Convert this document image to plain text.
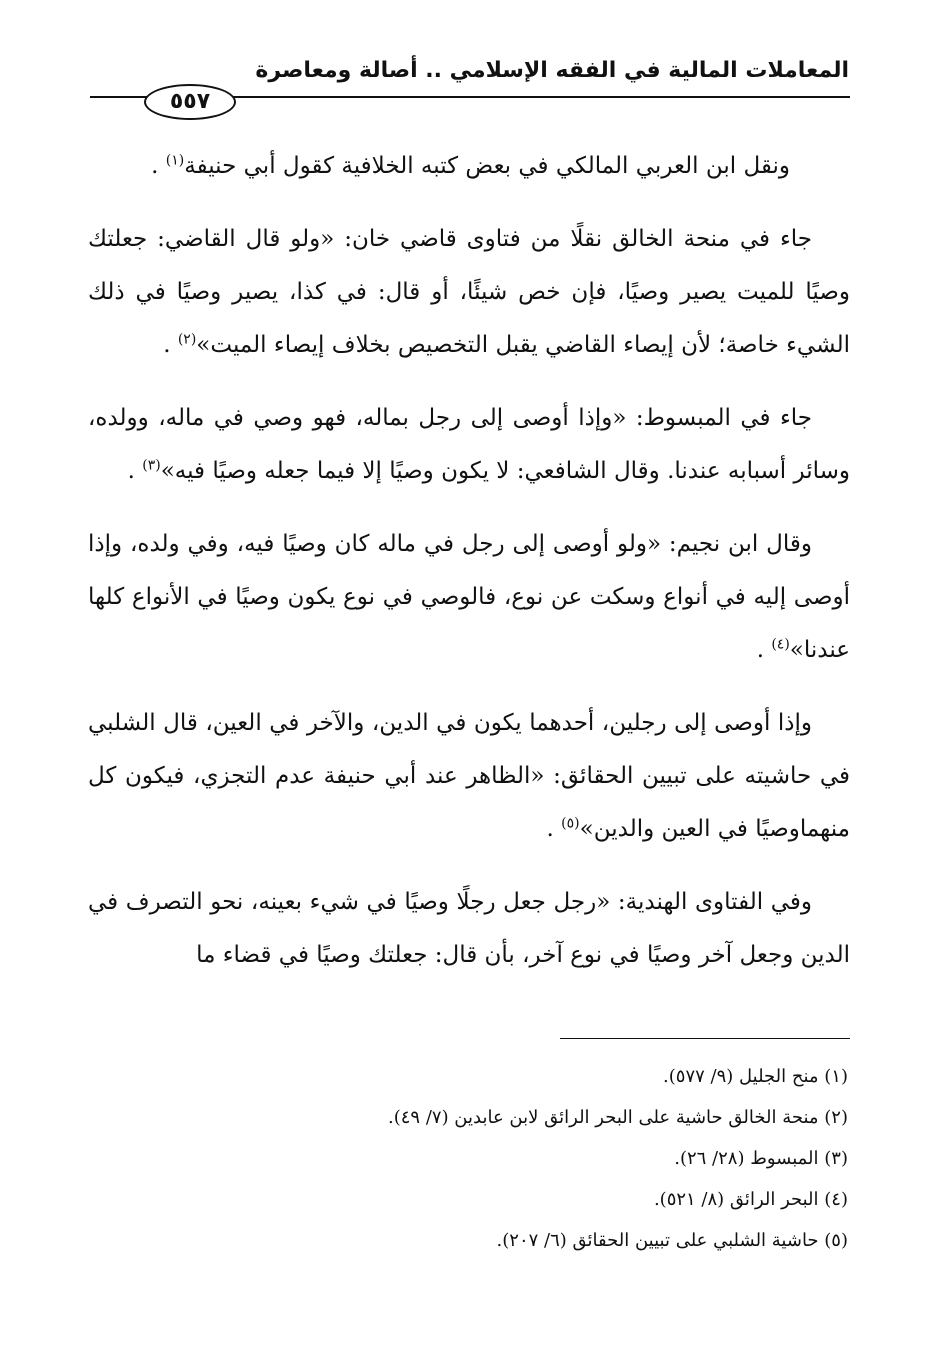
المعاملات المالية في الفقه الإسلامي .. أصالة ومعاصرة
٥٥٧

ونقل ابن العربي المالكي في بعض كتبه الخلافية كقول أبي حنيفة$^{(١)}$ .

جاء في منحة الخالق نقلًا من فتاوى قاضي خان: «ولو قال القاضي: جعلتك وصيًا للميت يصير وصيًا، فإن خص شيئًا، أو قال: في كذا، يصير وصيًا في ذلك الشيء خاصة؛ لأن إيصاء القاضي يقبل التخصيص بخلاف إيصاء الميت»$^{(٢)}$ .

جاء في المبسوط: «وإذا أوصى إلى رجل بماله، فهو وصي في ماله، وولده، وسائر أسبابه عندنا. وقال الشافعي: لا يكون وصيًا إلا فيما جعله وصيًا فيه»$^{(٣)}$ .

وقال ابن نجيم: «ولو أوصى إلى رجل في ماله كان وصيًا فيه، وفي ولده، وإذا أوصى إليه في أنواع وسكت عن نوع، فالوصي في نوع يكون وصيًا في الأنواع كلها عندنا»$^{(٤)}$ .

وإذا أوصى إلى رجلين، أحدهما يكون في الدين، والآخر في العين، قال الشلبي في حاشيته على تبيين الحقائق: «الظاهر عند أبي حنيفة عدم التجزي، فيكون كل منهماوصيًا في العين والدين»$^{(٥)}$ .

وفي الفتاوى الهندية: «رجل جعل رجلًا وصيًا في شيء بعينه، نحو التصرف في الدين وجعل آخر وصيًا في نوع آخر، بأن قال: جعلتك وصيًا في قضاء ما

(١) منح الجليل (٩/ ٥٧٧).
(٢) منحة الخالق حاشية على البحر الرائق لابن عابدين (٧/ ٤٩).
(٣) المبسوط (٢٨/ ٢٦).
(٤) البحر الرائق (٨/ ٥٢١).
(٥) حاشية الشلبي على تبيين الحقائق (٦/ ٢٠٧).
